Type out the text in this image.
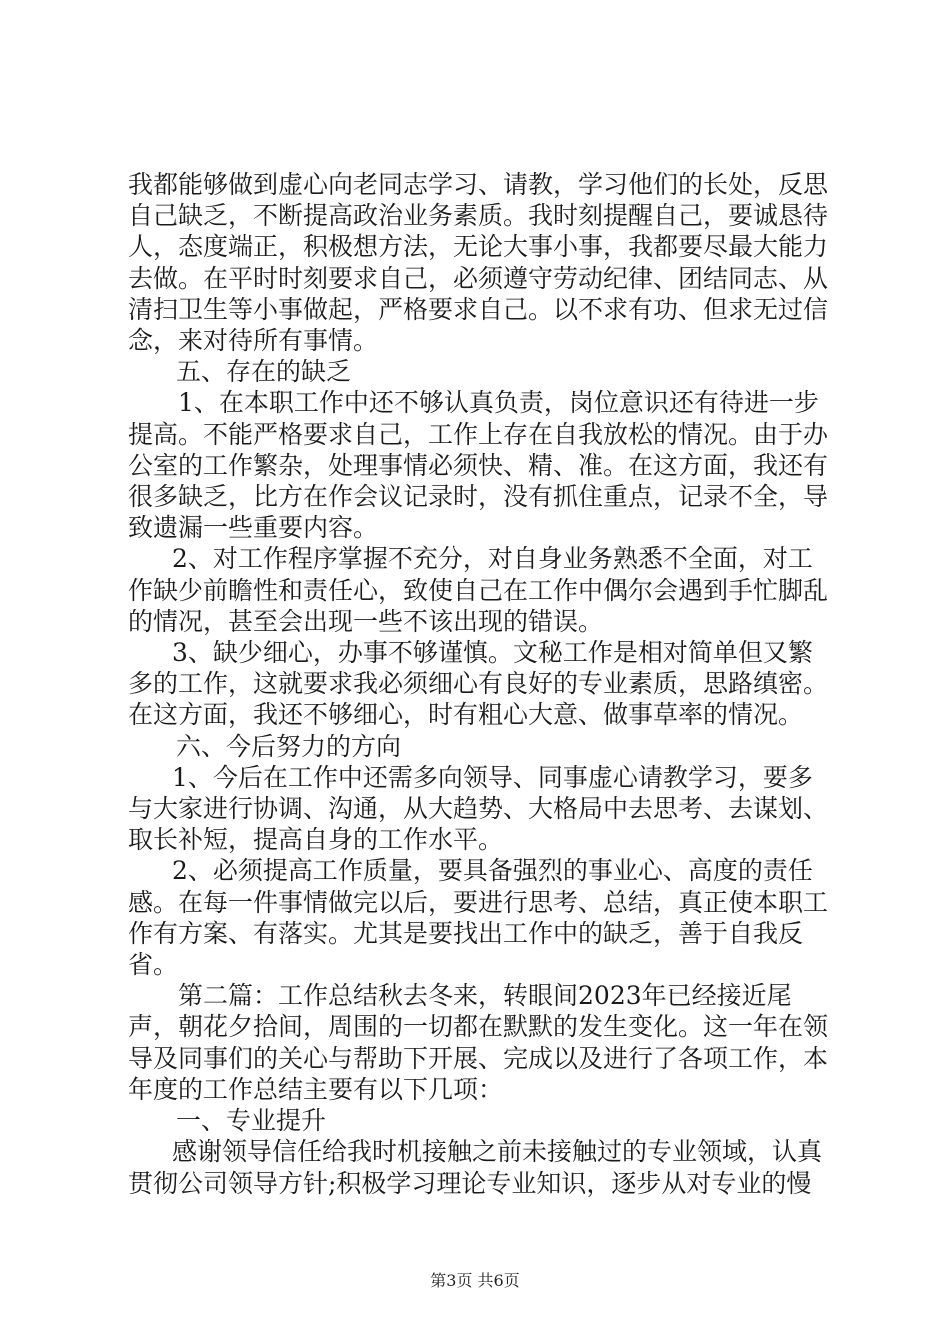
我都能够做到虚心向老同志学习、请教，学习他们的长处，反思自己缺乏，不断提高政治业务素质。我时刻提醒自己，要诚恳待人，态度端正，积极想方法，无论大事小事，我都要尽最大能力去做。在平时时刻要求自己，必须遵守劳动纪律、团结同志、从清扫卫生等小事做起，严格要求自己。以不求有功、但求无过信念，来对待所有事情。

五、存在的缺乏

1、在本职工作中还不够认真负责，岗位意识还有待进一步提高。不能严格要求自己，工作上存在自我放松的情况。由于办公室的工作繁杂，处理事情必须快、精、准。在这方面，我还有很多缺乏，比方在作会议记录时，没有抓住重点，记录不全，导致遗漏一些重要内容。

2、对工作程序掌握不充分，对自身业务熟悉不全面，对工作缺少前瞻性和责任心，致使自己在工作中偶尔会遇到手忙脚乱的情况，甚至会出现一些不该出现的错误。

3、缺少细心，办事不够谨慎。文秘工作是相对简单但又繁多的工作，这就要求我必须细心有良好的专业素质，思路缜密。在这方面，我还不够细心，时有粗心大意、做事草率的情况。

六、今后努力的方向

1、今后在工作中还需多向领导、同事虚心请教学习，要多与大家进行协调、沟通，从大趋势、大格局中去思考、去谋划、取长补短，提高自身的工作水平。

2、必须提高工作质量，要具备强烈的事业心、高度的责任感。在每一件事情做完以后，要进行思考、总结，真正使本职工作有方案、有落实。尤其是要找出工作中的缺乏，善于自我反省。

第二篇：工作总结秋去冬来，转眼间2023年已经接近尾声，朝花夕拾间，周围的一切都在默默的发生变化。这一年在领导及同事们的关心与帮助下开展、完成以及进行了各项工作，本年度的工作总结主要有以下几项：

一、专业提升

感谢领导信任给我时机接触之前未接触过的专业领域，认真贯彻公司领导方针;积极学习理论专业知识，逐步从对专业的慢

第3页 共6页
